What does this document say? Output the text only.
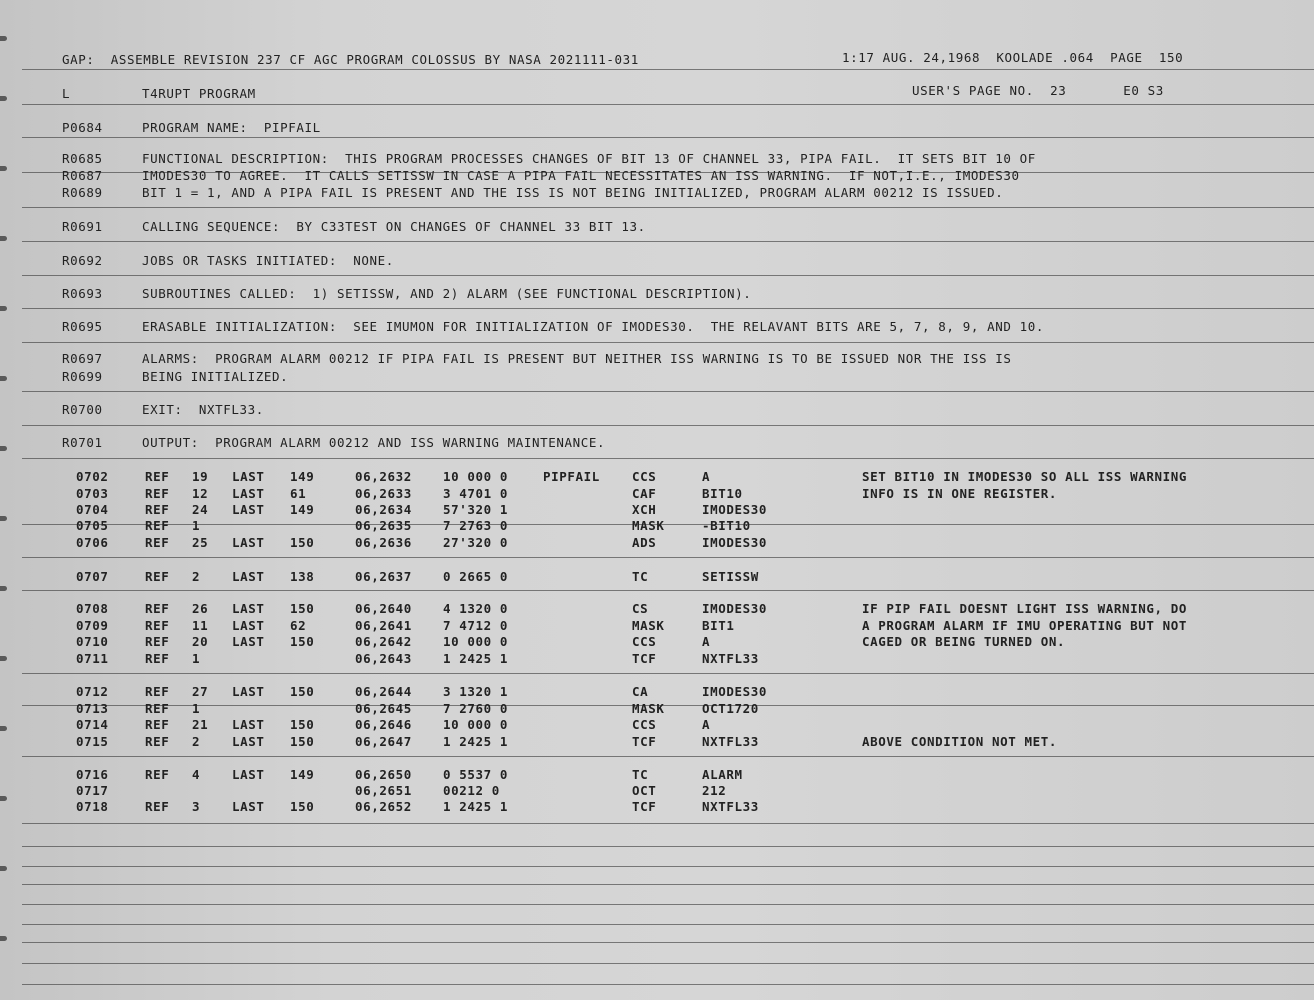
GAP:  ASSEMBLE REVISION 237 CF AGC PROGRAM COLOSSUS BY NASA 2021111-031	1:17 AUG. 24,1968  KOOLADE .064  PAGE  150
L	T4RUPT PROGRAM	USER'S PAGE NO.  23       E0 S3
P0684	PROGRAM NAME:  PIPFAIL
R0685	FUNCTIONAL DESCRIPTION:  THIS PROGRAM PROCESSES CHANGES OF BIT 13 OF CHANNEL 33, PIPA FAIL.  IT SETS BIT 10 OF
R0687	IMODES30 TO AGREE.  IT CALLS SETISSW IN CASE A PIPA FAIL NECESSITATES AN ISS WARNING.  IF NOT,I.E., IMODES30
R0689	BIT 1 = 1, AND A PIPA FAIL IS PRESENT AND THE ISS IS NOT BEING INITIALIZED, PROGRAM ALARM 00212 IS ISSUED.
R0691	CALLING SEQUENCE:  BY C33TEST ON CHANGES OF CHANNEL 33 BIT 13.
R0692	JOBS OR TASKS INITIATED:  NONE.
R0693	SUBROUTINES CALLED:  1) SETISSW, AND 2) ALARM (SEE FUNCTIONAL DESCRIPTION).
R0695	ERASABLE INITIALIZATION:  SEE IMUMON FOR INITIALIZATION OF IMODES30.  THE RELAVANT BITS ARE 5, 7, 8, 9, AND 10.
R0697	ALARMS:  PROGRAM ALARM 00212 IF PIPA FAIL IS PRESENT BUT NEITHER ISS WARNING IS TO BE ISSUED NOR THE ISS IS
R0699	BEING INITIALIZED.
R0700	EXIT:  NXTFL33.
R0701	OUTPUT:  PROGRAM ALARM 00212 AND ISS WARNING MAINTENANCE.
0702	REF 19 LAST 149	06,2632 10 000 0	PIPFAIL	CCS	A	SET BIT10 IN IMODES30 SO ALL ISS WARNING
0703	REF 12 LAST 61	06,2633 3 4701 0	CAF	BIT10	INFO IS IN ONE REGISTER.
0704	REF 24 LAST 149	06,2634 57'320 1	XCH	IMODES30
0705	REF 1	06,2635 7 2763 0	MASK	-BIT10
0706	REF 25 LAST 150	06,2636 27'320 0	ADS	IMODES30
0707	REF 2	LAST 138	06,2637 0 2665 0	TC	SETISSW
0708	REF 26 LAST 150	06,2640 4 1320 0	CS	IMODES30	IF PIP FAIL DOESNT LIGHT ISS WARNING, DO
0709	REF 11 LAST 62	06,2641 7 4712 0	MASK	BIT1	A PROGRAM ALARM IF IMU OPERATING BUT NOT
0710	REF 20 LAST 150	06,2642 10 000 0	CCS	A	CAGED OR BEING TURNED ON.
0711	REF 1	06,2643 1 2425 1	TCF	NXTFL33
0712	REF 27 LAST 150	06,2644 3 1320 1	CA	IMODES30
0713	REF 1	06,2645 7 2760 0	MASK	OCT1720
0714	REF 21 LAST 150	06,2646 10 000 0	CCS	A
0715	REF 2	LAST 150	06,2647 1 2425 1	TCF	NXTFL33	ABOVE CONDITION NOT MET.
0716	REF 4	LAST 149	06,2650 0 5537 0	TC	ALARM
0717	06,2651 00212 0	OCT	212
0718	REF 3	LAST 150	06,2652 1 2425 1	TCF	NXTFL33
